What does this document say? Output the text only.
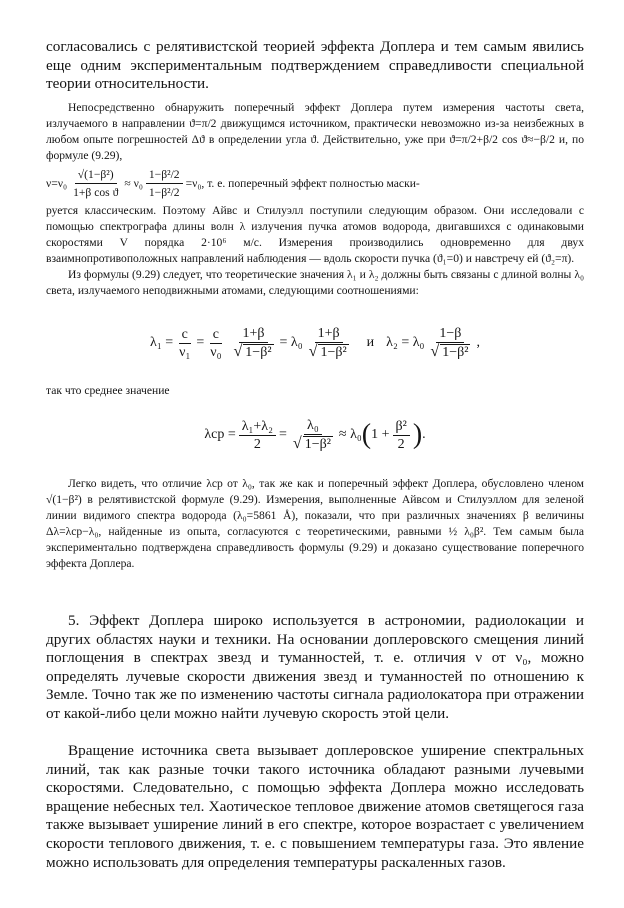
согласовались с релятивистской теорией эффекта Доплера и тем самым явились еще одним экспериментальным подтверждением справедливости специальной теории относительности.

Непосредственно обнаружить поперечный эффект Доплера путем измерения частоты света, излучаемого в направлении ϑ=π/2 движущимся источником, практически невозможно из-за неизбежных в любом опыте погрешностей Δϑ в определении угла ϑ. Действительно, уже при ϑ=π/2+β/2 cos ϑ≈−β/2 и, по формуле (9.29),

$\nu=\nu_0 \frac{\text{√(1−β²)}}{\text{1+β cos ϑ}} \approx \nu_0 \frac{\text{1−β²/2}}{\text{1−β²/2}} =\nu_0$, т. е. поперечный эффект полностью маски-

руется классическим. Поэтому Айвс и Стилуэлл поступили следующим образом. Они исследовали с помощью спектрографа длины волн λ излучения пучка атомов водорода, двигавшихся с одинаковыми скоростями V порядка 2·10⁶ м/с. Измерения производились одновременно для двух взаимнопротивоположных направлений наблюдения — вдоль скорости пучка (ϑ₁=0) и навстречу ей (ϑ₂=π).

Из формулы (9.29) следует, что теоретические значения λ₁ и λ₂ должны быть связаны с длиной волны λ₀ света, излучаемого неподвижными атомами, следующими соотношениями:

$\lambda_1 = \frac{c}{\text{ν₁}} = \frac{c}{\text{ν₀}} \frac{1+\beta}{\text{√ 1−β²}} = \lambda_0 \frac{1+\beta}{\text{√ 1−β²}}$ и $\lambda_2 = \lambda_0 \frac{1-\beta}{\text{√ 1−β²}}$ ,

так что среднее значение

$\lambda ср = \frac{\text{λ₁+λ₂}}{2} = \frac{\text{λ₀}}{\text{√ 1−β²}} \approx \lambda_0$ ( $1 + \frac{\text{β²}}{2}$ ) .

Легко видеть, что отличие λср от λ₀, так же как и поперечный эффект Доплера, обусловлено членом √(1−β²) в релятивистской формуле (9.29). Измерения, выполненные Айвсом и Стилуэллом для зеленой линии видимого спектра водорода (λ₀=5861 Å), показали, что при различных значениях β величины Δλ=λср−λ₀, найденные из опыта, согласуются с теоретическими, равными ½ λ₀β². Тем самым была экспериментально подтверждена справедливость формулы (9.29) и доказано существование поперечного эффекта Доплера.

5. Эффект Доплера широко используется в астрономии, радиолокации и других областях науки и техники. На основании доплеровского смещения линий поглощения в спектрах звезд и туманностей, т. е. отличия ν от ν₀, можно определять лучевые скорости движения звезд и туманностей по отношению к Земле. Точно так же по изменению частоты сигнала радиолокатора при отражении от какой-либо цели можно найти лучевую скорость этой цели.

Вращение источника света вызывает доплеровское уширение спектральных линий, так как разные точки такого источника обладают разными лучевыми скоростями. Следовательно, с помощью эффекта Доплера можно исследовать вращение небесных тел. Хаотическое тепловое движение атомов светящегося газа также вызывает уширение линий в его спектре, которое возрастает с увеличением скорости теплового движения, т. е. с повышением температуры газа. Это явление можно использовать для определения температуры раскаленных газов.
